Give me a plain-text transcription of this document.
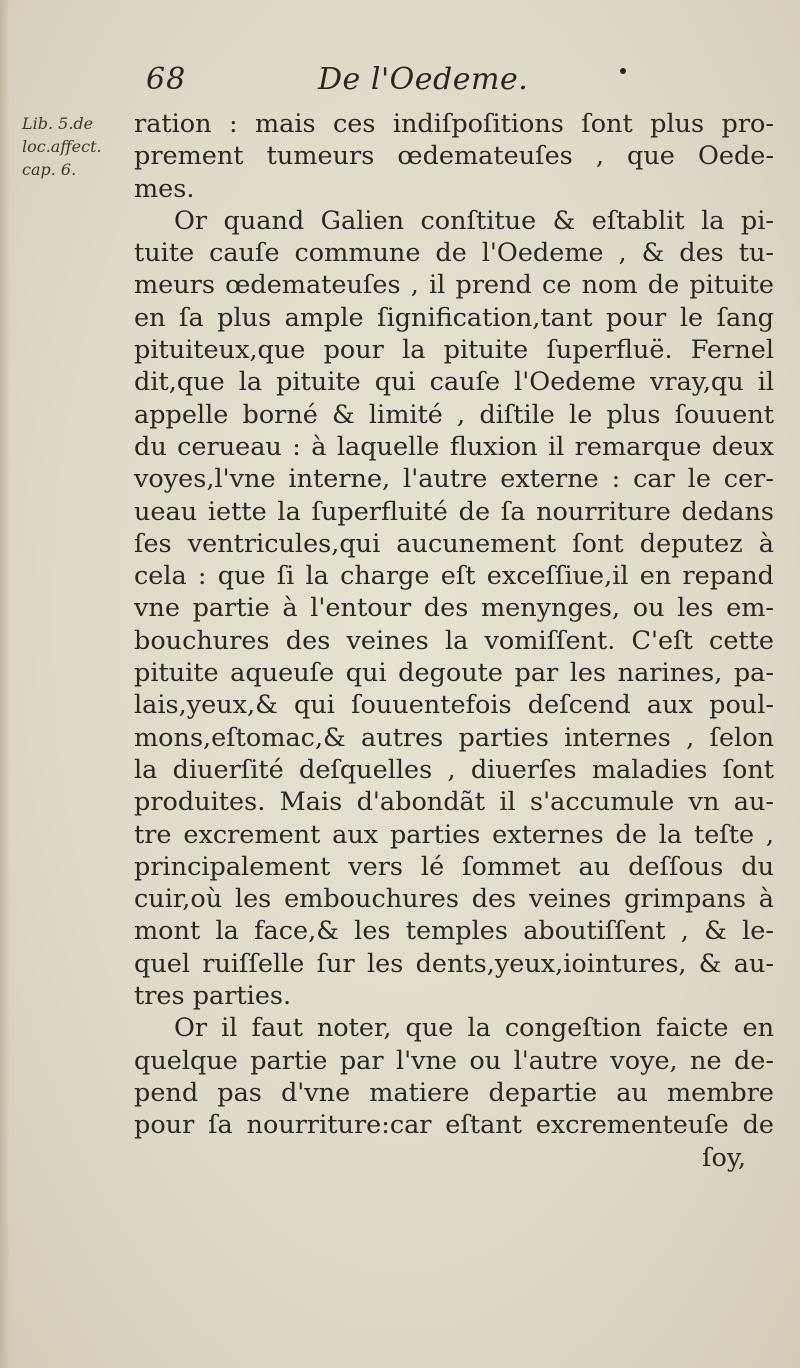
68	De l'Oedeme.
Lib. 5.de
loc.affect.
cap. 6.
ration : mais ces indiſpoſitions ſont plus pro-
prement tumeurs œdemateuſes , que Oede-
mes.
Or quand Galien conſtitue & eſtablit la pi-
tuite cauſe commune de l'Oedeme , & des tu-
meurs œdemateuſes , il prend ce nom de pituite
en ſa plus ample ſignification,tant pour le ſang
pituiteux,que pour la pituite ſuperfluë. Fernel
dit,que la pituite qui cauſe l'Oedeme vray,qu il
appelle borné & limité , diſtile le plus ſouuent
du cerueau : à laquelle fluxion il remarque deux
voyes,l'vne interne, l'autre externe : car le cer-
ueau iette la ſuperfluité de ſa nourriture dedans
ſes ventricules,qui aucunement ſont deputez à
cela : que ſi la charge eſt exceſſiue,il en repand
vne partie à l'entour des menynges, ou les em-
bouchures des veines la vomiſſent. C'eſt cette
pituite aqueuſe qui degoute par les narines, pa-
lais,yeux,& qui ſouuentefois deſcend aux poul-
mons,eſtomac,& autres parties internes , ſelon
la diuerſité deſquelles , diuerſes maladies ſont
produites. Mais d'abondãt il s'accumule vn au-
tre excrement aux parties externes de la teſte ,
principalement vers lé ſommet au deſſous du
cuir,où les embouchures des veines grimpans à
mont la face,& les temples aboutiſſent , & le-
quel ruiſſelle ſur les dents,yeux,iointures, & au-
tres parties.
Or il faut noter, que la congeſtion faicte en
quelque partie par l'vne ou l'autre voye, ne de-
pend pas d'vne matiere departie au membre
pour ſa nourriture:car eſtant excrementeuſe de
ſoy,
